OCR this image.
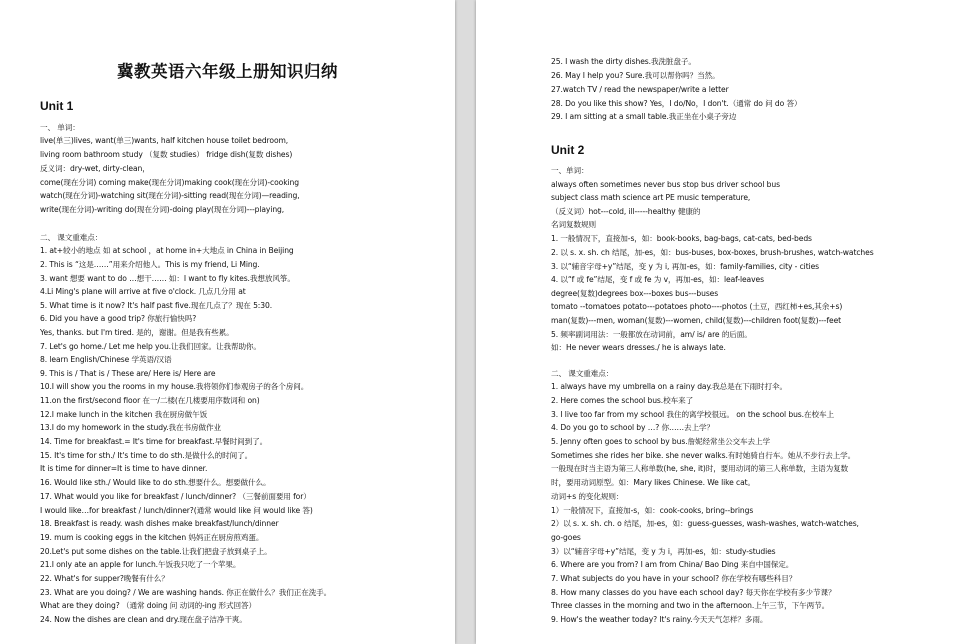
冀教英语六年级上册知识归纳
Unit 1
一、 单词：
live(单三)lives, want(单三)wants, half kitchen house toilet bedroom,
living room bathroom study （复数 studies） fridge dish(复数 dishes)
反义词：dry-wet, dirty-clean，
come(现在分词) coming make(现在分词)making cook(现在分词)-cooking
watch(现在分词)-watching sit(现在分词)-sitting read(现在分词)—reading,
write(现在分词)-writing do(现在分词)-doing play(现在分词)---playing,
二、 课文重难点：
1. at+较小的地点 如 at school ，at home in+大地点 in China in Beijing
2. This is “这是……”用来介绍他人。This is my friend, Li Ming.
3. want 想要 want to do …想干…… 如：I want to fly kites.我想放风筝。
4.Li Ming's plane will arrive at five o'clock. 几点几分用 at
5. What time is it now? It's half past five.现在几点了？现在 5:30.
6. Did you have a good trip? 你旅行愉快吗?
Yes, thanks. but I'm tired. 是的，谢谢。但是我有些累。
7. Let's go home./ Let me help you.让我们回家。让我帮助你。
8. learn English/Chinese 学英语/汉语
9. This is / That is / These are/ Here is/ Here are
10.I will show you the rooms in my house.我将领你们参观房子的各个房间。
11.on the first/second floor 在一/二楼(在几楼要用序数词和 on)
12.I make lunch in the kitchen 我在厨房做午饭
13.I do my homework in the study.我在书房做作业
14. Time for breakfast.= It's time for breakfast.早餐时间到了。
15. It's time for sth./ It's time to do sth.是做什么的时间了。
It is time for dinner=It is time to have dinner.
16. Would like sth./ Would like to do sth.想要什么。想要做什么。
17. What would you like for breakfast / lunch/dinner? （三餐前面要用 for）
I would like…for breakfast / lunch/dinner?(通常 would like 问 would like 答)
18. Breakfast is ready. wash dishes make breakfast/lunch/dinner
19. mum is cooking eggs in the kitchen 妈妈正在厨房煎鸡蛋。
20.Let's put some dishes on the table.让我们把盘子放到桌子上。
21.I only ate an apple for lunch.午饭我只吃了一个苹果。
22. What's for supper?晚餐有什么？
23. What are you doing? / We are washing hands. 你正在做什么？我们正在洗手。
What are they doing? （通常 doing 问 动词的-ing 形式回答）
24. Now the dishes are clean and dry.现在盘子洁净干爽。
25. I wash the dirty dishes.我洗脏盘子。
26. May I help you? Sure.我可以帮你吗？当然。
27.watch TV / read the newspaper/write a letter
28. Do you like this show? Yes，I do/No，I don't.（通常 do 问 do 答）
29. I am sitting at a small table.我正坐在小桌子旁边
Unit 2
一、单词：
always often sometimes never bus stop bus driver school bus
subject class math science art PE music temperature,
（反义词）hot---cold, ill-----healthy 健康的
名词复数规则
1. 一般情况下，直接加-s，如：book-books, bag-bags, cat-cats, bed-beds
2. 以 s. x. sh. ch 结尾，加-es，如：bus-buses, box-boxes, brush-brushes, watch-watches
3. 以“辅音字母+y”结尾，变 y 为 i, 再加-es，如：family-families, city - cities
4. 以“f 或 fe”结尾，变 f 或 fe 为 v，再加-es，如：leaf-leaves
degree(复数)degrees box---boxes bus---buses
tomato --tomatoes potato---potatoes photo----photos (土豆，西红柿+es,其余+s)
man(复数)---men, woman(复数)---women, child(复数)---children foot(复数)---feet
5. 频率副词用法：一般都放在动词前，am/ is/ are 的后面。
如：He never wears dresses./ he is always late.
二、 课文重难点：
1. always have my umbrella on a rainy day.我总是在下雨时打伞。
2. Here comes the school bus.校车来了
3. I live too far from my school 我住的离学校很远。 on the school bus.在校车上
4. Do you go to school by …? 你……去上学？
5. Jenny often goes to school by bus.詹妮经常坐公交车去上学
Sometimes she rides her bike. she never walks.有时她骑自行车。她从不步行去上学。
一般现在时当主语为第三人称单数(he, she, it)时，要用动词的第三人称单数，主语为复数
时，要用动词原型。如：Mary likes Chinese. We like cat。
动词+s 的变化规则：
1）一般情况下，直接加-s，如：cook-cooks, bring--brings
2）以 s. x. sh. ch. o 结尾，加-es，如：guess-guesses, wash-washes, watch-watches,
go-goes
3）以“辅音字母+y”结尾，变 y 为 i，再加-es，如：study-studies
6. Where are you from? I am from China/ Bao Ding 来自中国保定。
7. What subjects do you have in your school? 你在学校有哪些科目？
8. How many classes do you have each school day? 每天你在学校有多少节课？
Three classes in the morning and two in the afternoon.上午三节，下午两节。
9. How's the weather today? It's rainy.今天天气怎样？多雨。
